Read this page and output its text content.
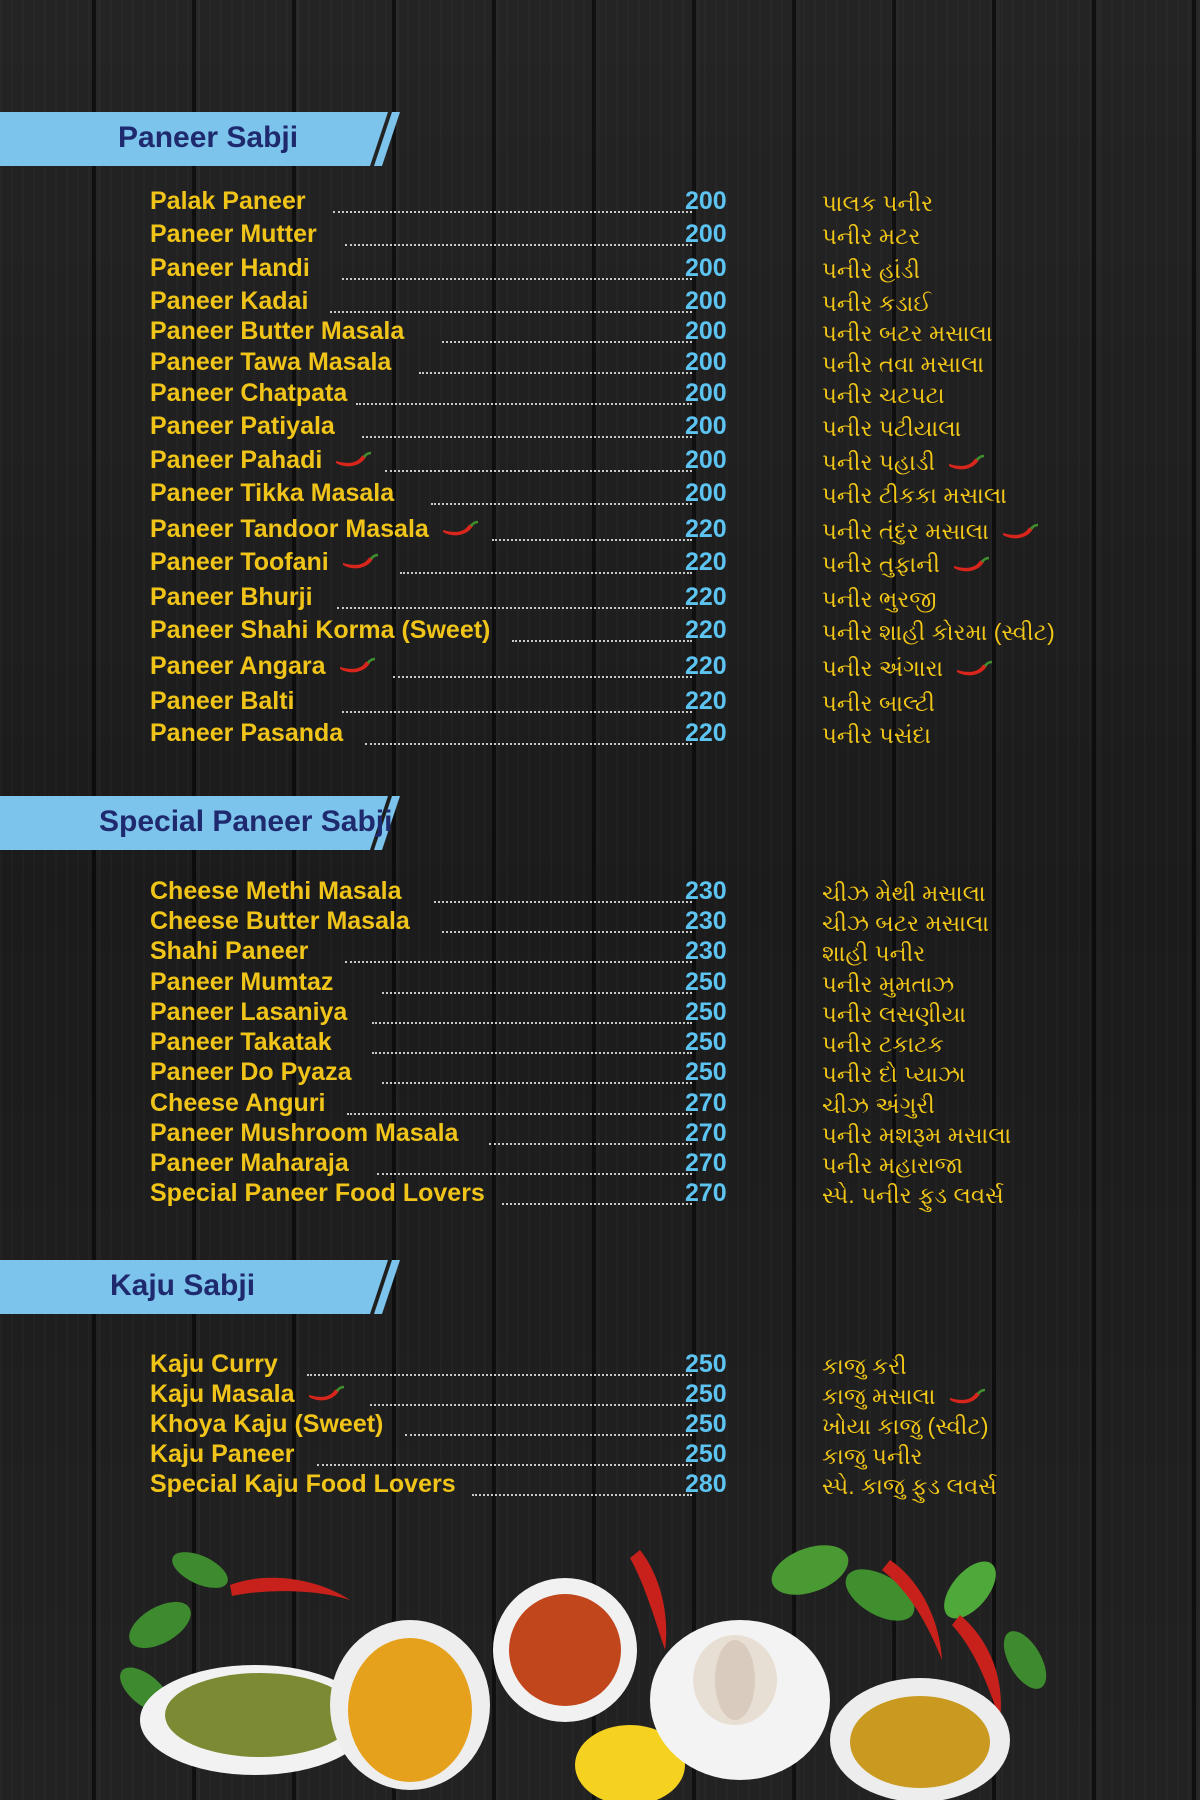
Paneer Sabji
Special Paneer Sabji
Kaju Sabji
Palak Paneer	200	પાલક પનીર
Paneer Mutter	200	પનીર મટર
Paneer Handi	200	પનીર હાંડી
Paneer Kadai	200	પનીર કડાઈ
Paneer Butter Masala	200	પનીર બટર મસાલા
Paneer Tawa Masala	200	પનીર તવા મસાલા
Paneer Chatpata	200	પનીર ચટપટા
Paneer Patiyala	200	પનીર પટીયાલા
Paneer Pahadi	200	પનીર પહાડી
Paneer Tikka Masala	200	પનીર ટીકકા મસાલા
Paneer Tandoor Masala	220	પનીર તંદુર મસાલા
Paneer Toofani	220	પનીર તુફાની
Paneer Bhurji	220	પનીર ભુરજી
Paneer Shahi Korma (Sweet)	220	પનીર શાહી કોરમા (સ્વીટ)
Paneer Angara	220	પનીર અંગારા
Paneer Balti	220	પનીર બાલ્ટી
Paneer Pasanda	220	પનીર પસંદા
Cheese Methi Masala	230	ચીઝ મેથી મસાલા
Cheese Butter Masala	230	ચીઝ બટર મસાલા
Shahi Paneer	230	શાહી પનીર
Paneer Mumtaz	250	પનીર મુમતાઝ
Paneer Lasaniya	250	પનીર લસણીયા
Paneer Takatak	250	પનીર ટકાટક
Paneer Do Pyaza	250	પનીર દો પ્યાઝા
Cheese Anguri	270	ચીઝ અંગુરી
Paneer Mushroom Masala	270	પનીર મશરૂમ મસાલા
Paneer Maharaja	270	પનીર મહારાજા
Special Paneer Food Lovers	270	સ્પે. પનીર ફુડ લવર્સ
Kaju Curry	250	કાજુ કરી
Kaju Masala	250	કાજુ મસાલા
Khoya Kaju (Sweet)	250	ખોયા કાજુ (સ્વીટ)
Kaju Paneer	250	કાજુ પનીર
Special Kaju Food Lovers	280	સ્પે. કાજુ ફુડ લવર્સ
